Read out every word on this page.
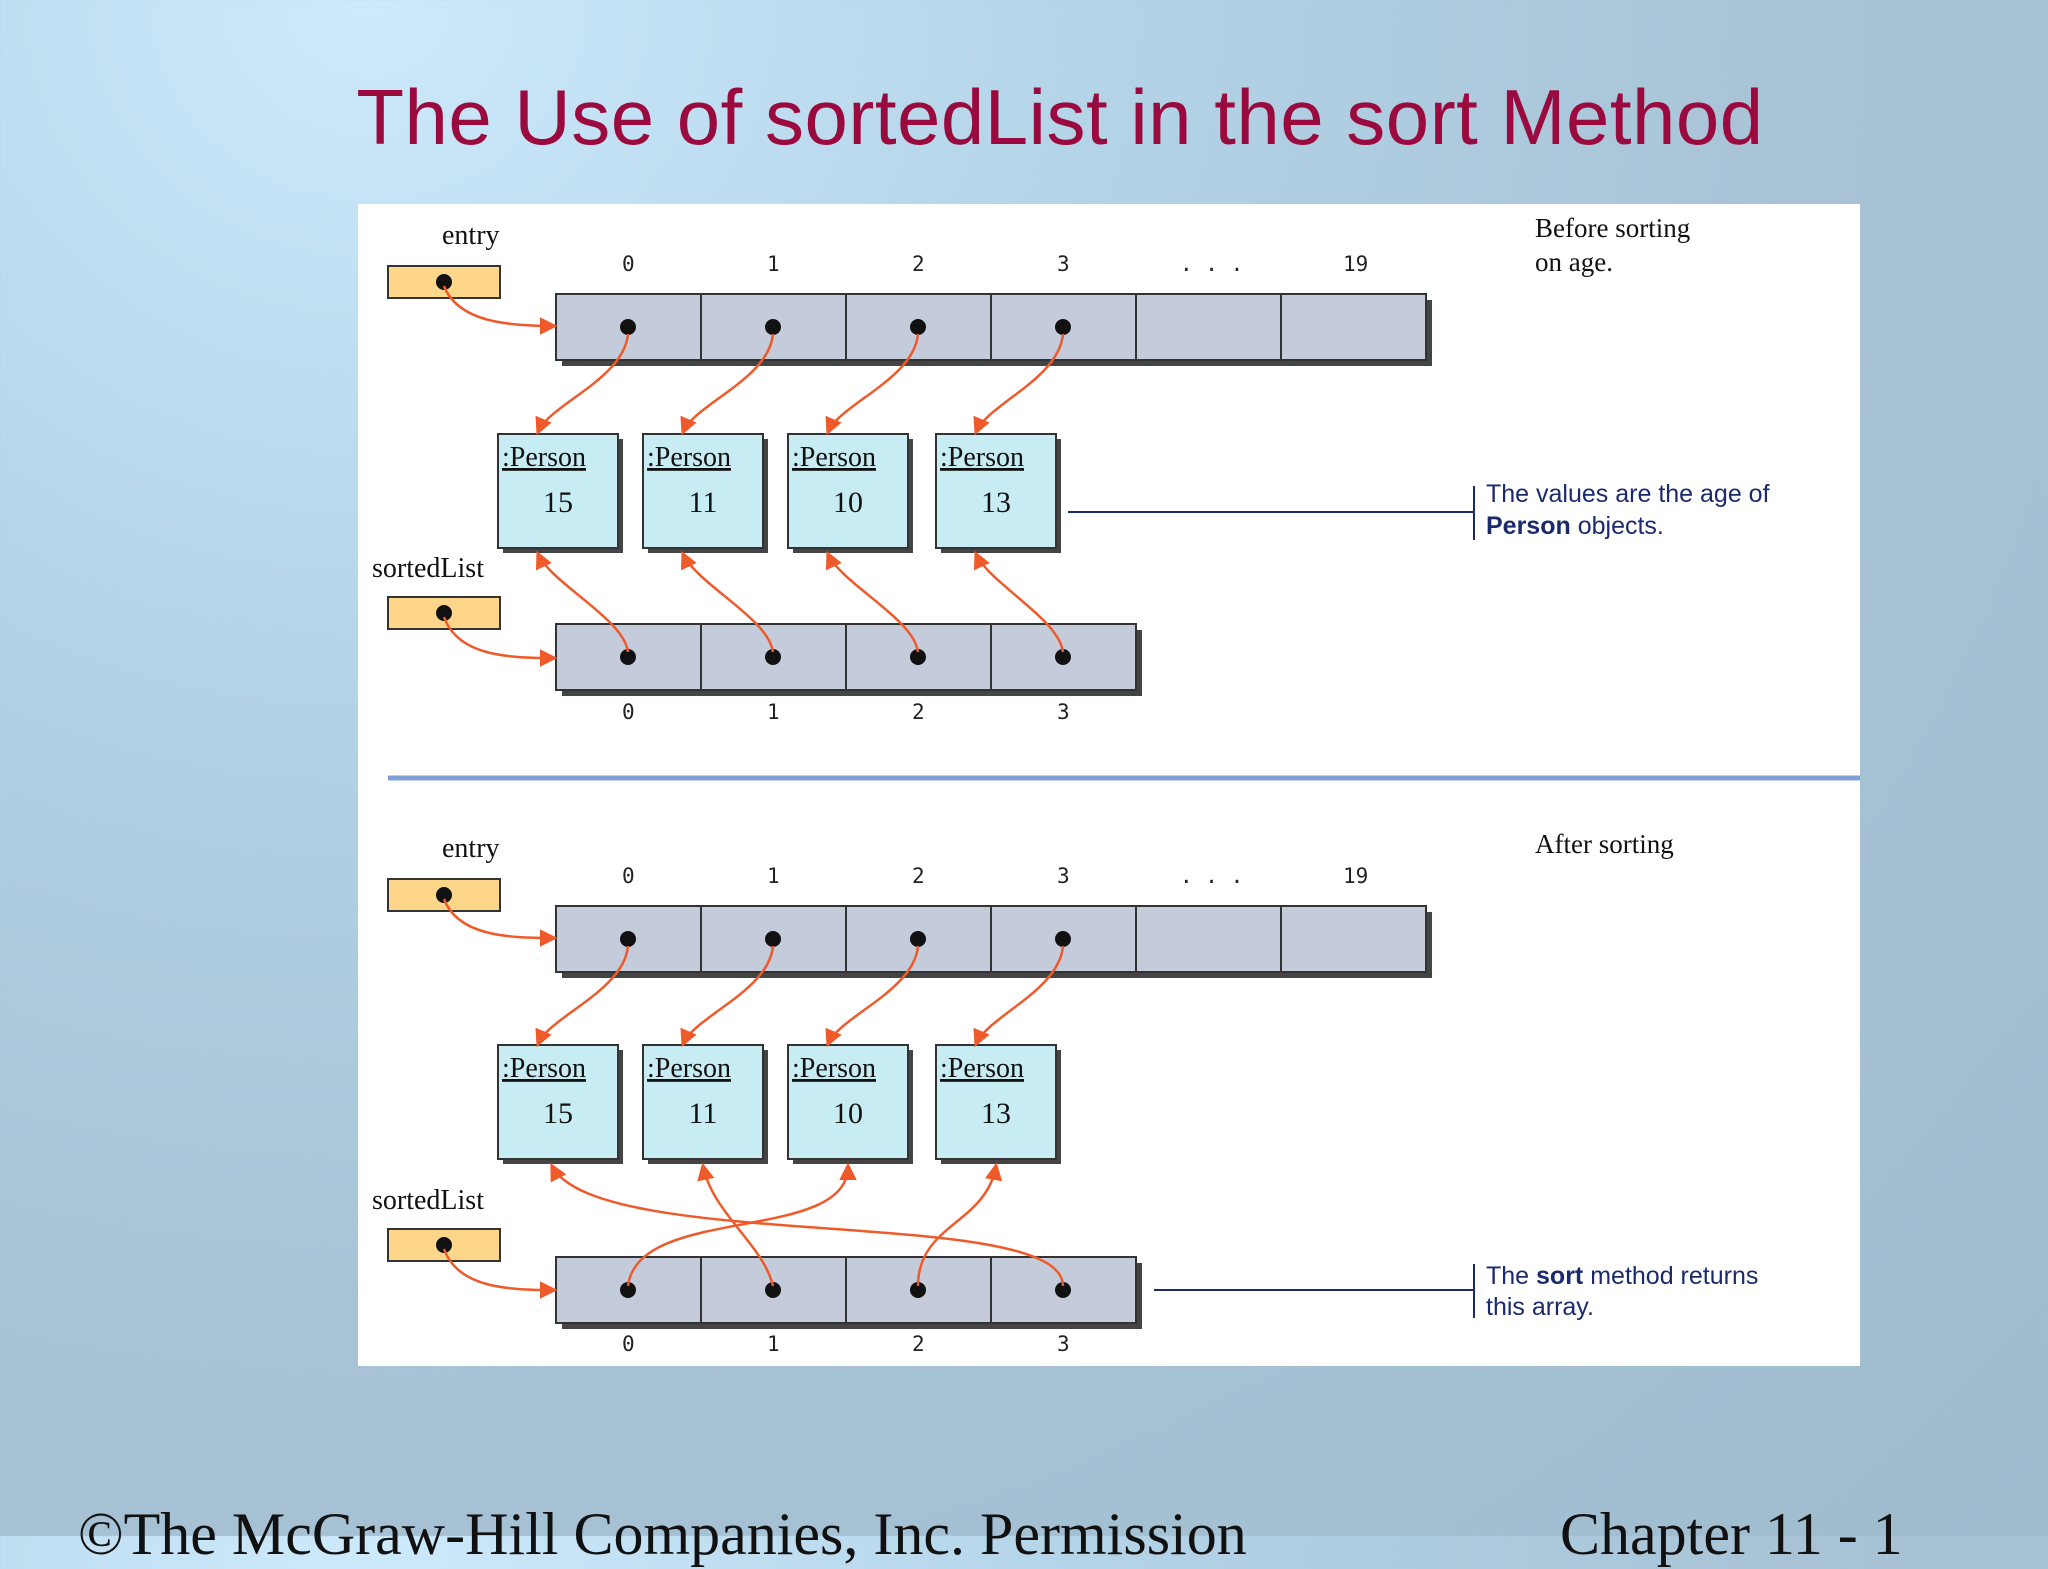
The Use of sortedList in the sort Method
Before sorting
on age.
entry
0	1	2	3	. . .	19
:Person
15
:Person
11
:Person
10
:Person
13
sortedList
0	1	2	3
The values are the age of
Person objects.
After sorting
entry
0	1	2	3	. . .	19
:Person
15
:Person
11
:Person
10
:Person
13
sortedList
0	1	2	3
The sort method returns
this array.
©The McGraw-Hill Companies, Inc. Permission	Chapter 11 - 1
